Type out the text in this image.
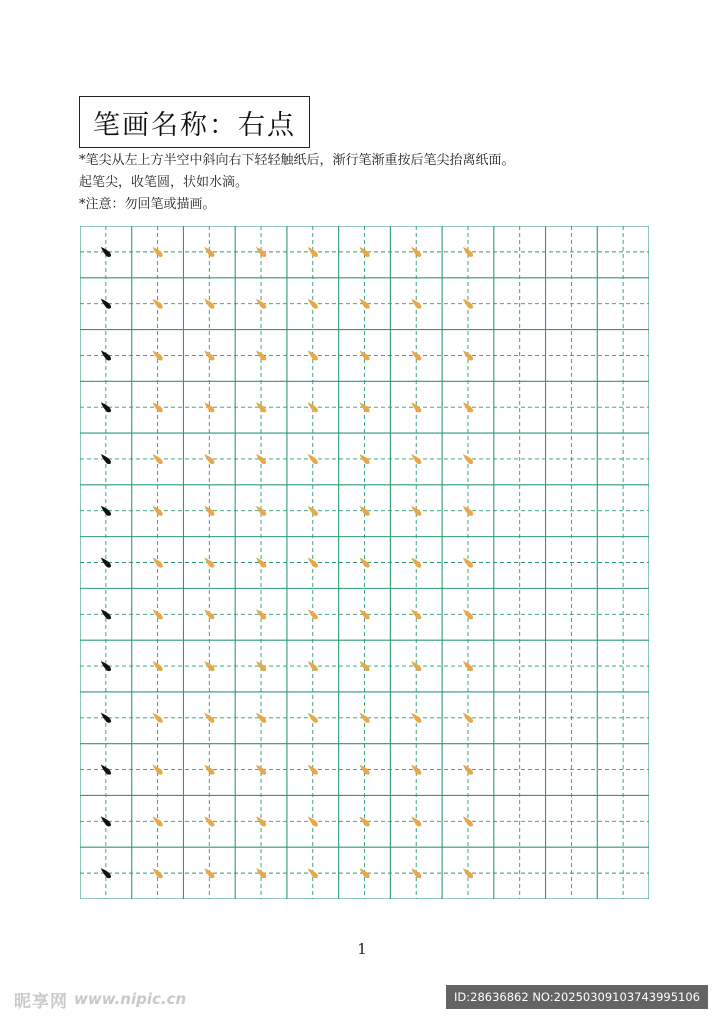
笔画名称：右点
*笔尖从左上方半空中斜向右下轻轻触纸后，渐行笔渐重按后笔尖抬离纸面。
起笔尖，收笔圆，状如水滴。
*注意：勿回笔或描画。
1
昵享网 www.nipic.cn	ID:28636862 NO:20250309103743995106
